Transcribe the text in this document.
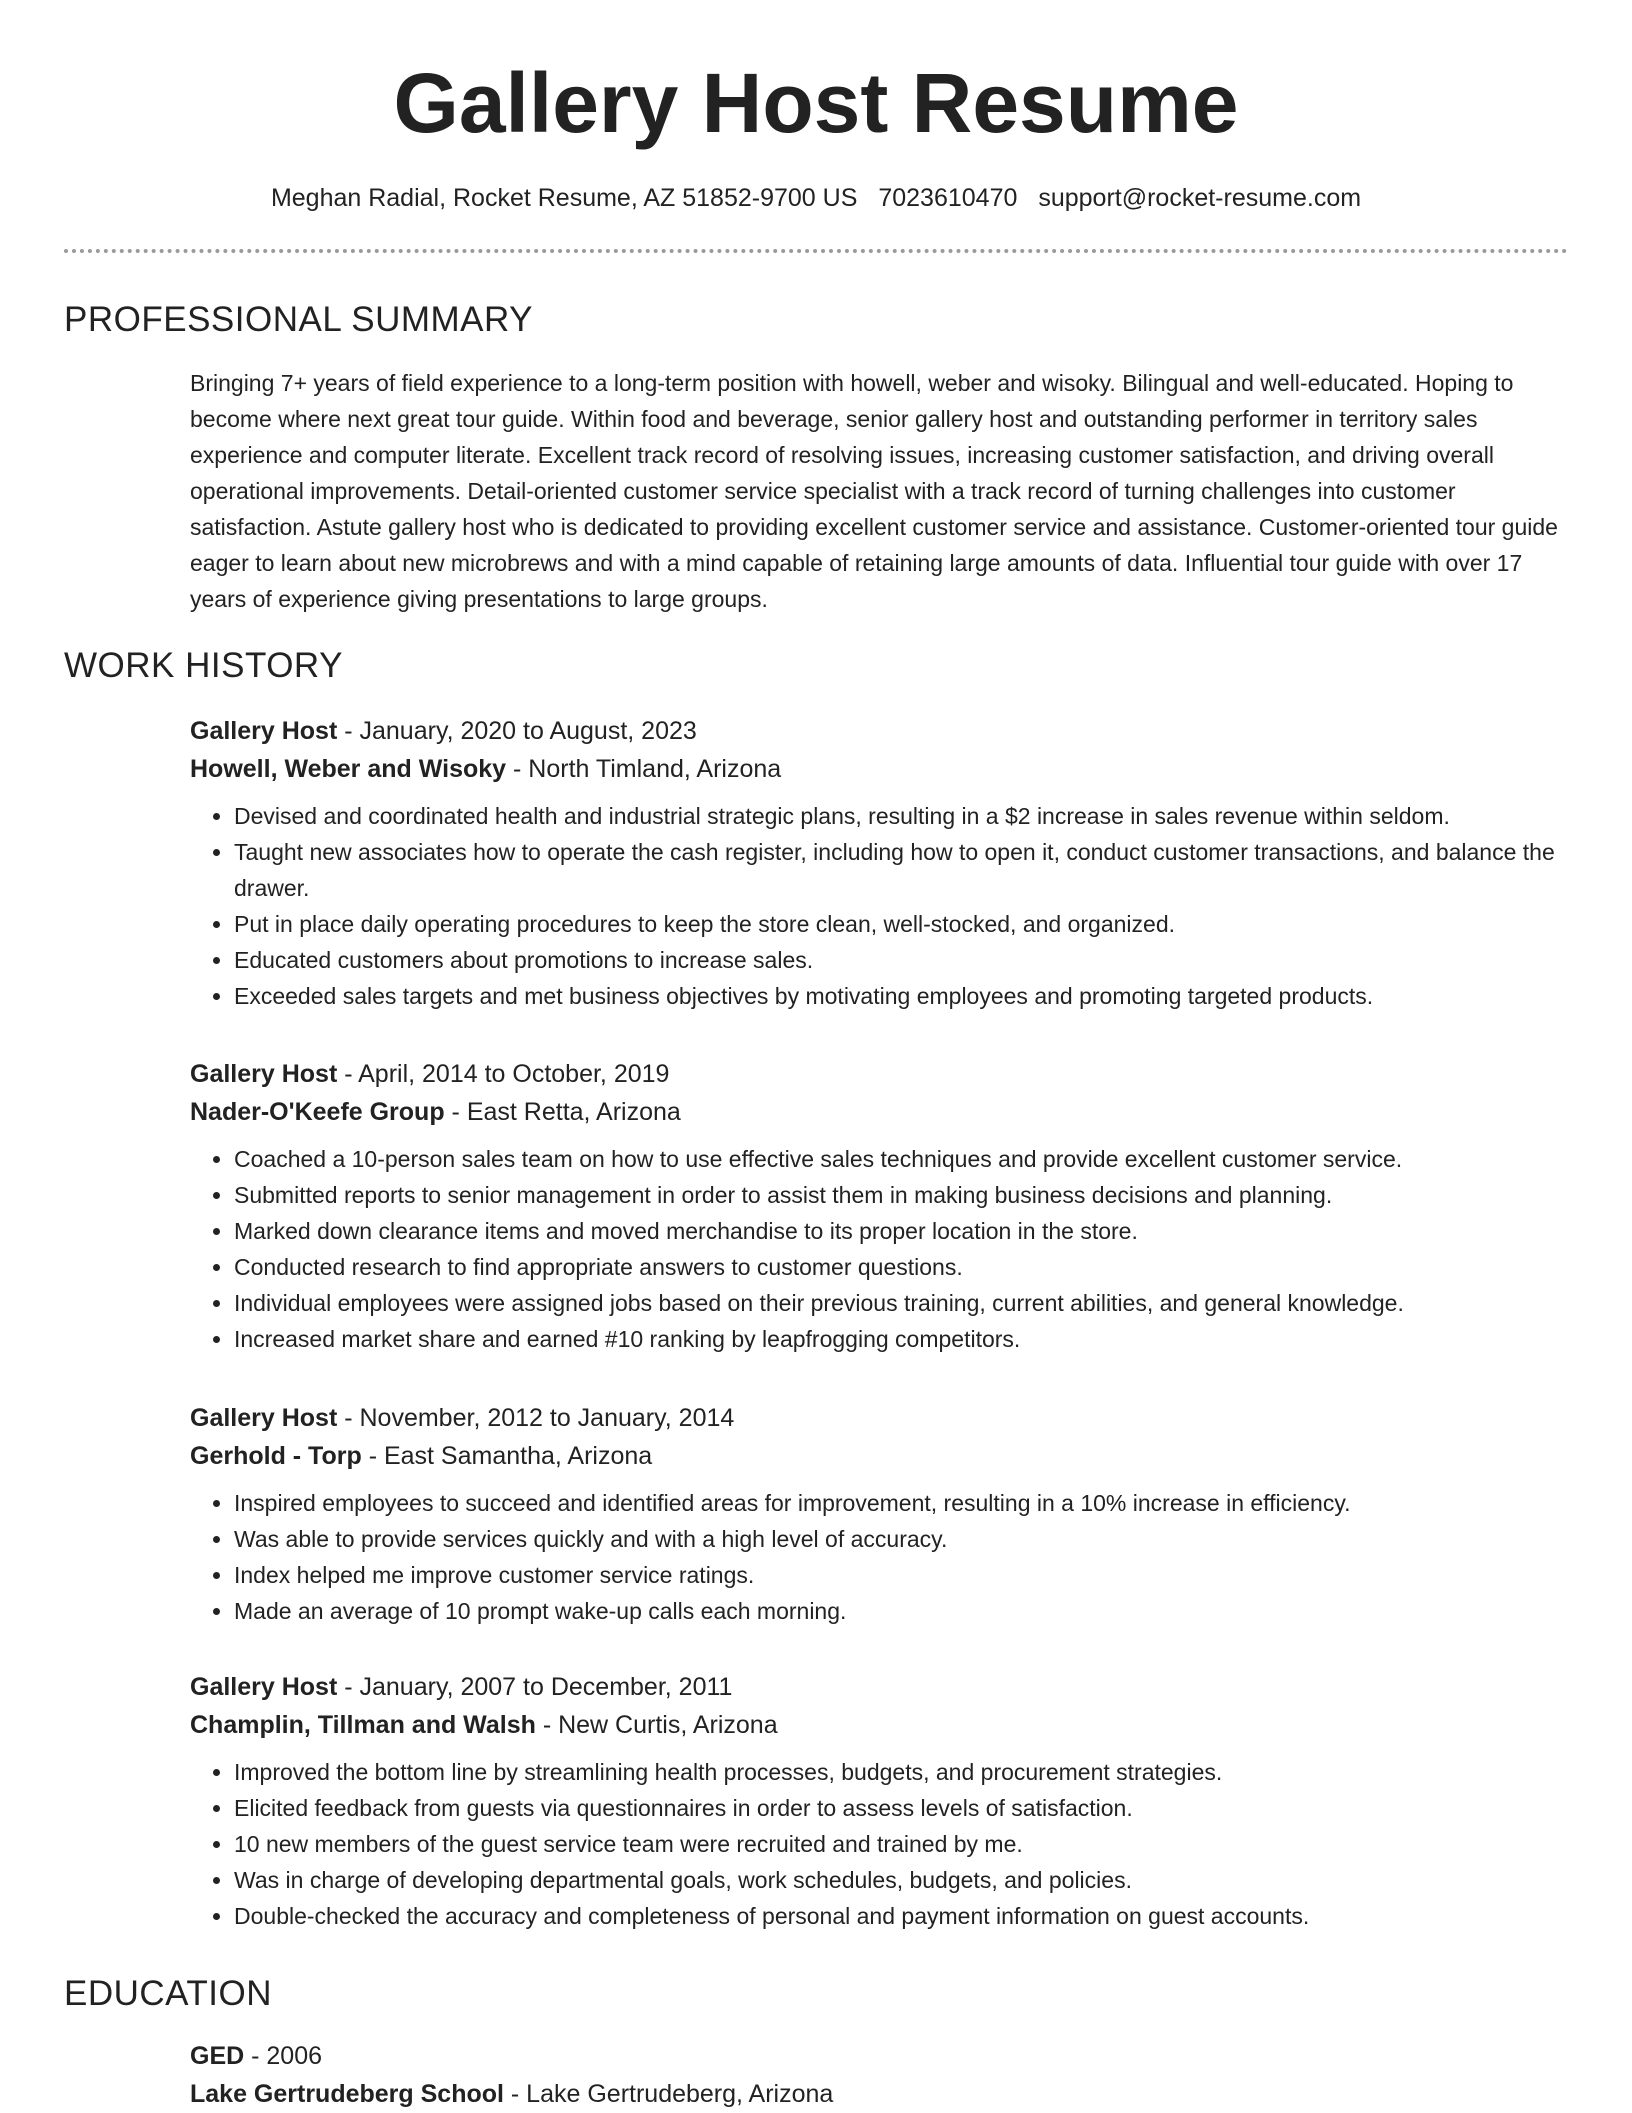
Gallery Host Resume
Meghan Radial, Rocket Resume, AZ 51852-9700 US 7023610470 support@rocket-resume.com
PROFESSIONAL SUMMARY

Bringing 7+ years of field experience to a long-term position with howell, weber and wisoky. Bilingual and well-educated. Hoping to become where next great tour guide. Within food and beverage, senior gallery host and outstanding performer in territory sales experience and computer literate. Excellent track record of resolving issues, increasing customer satisfaction, and driving overall operational improvements. Detail-oriented customer service specialist with a track record of turning challenges into customer satisfaction. Astute gallery host who is dedicated to providing excellent customer service and assistance. Customer-oriented tour guide eager to learn about new microbrews and with a mind capable of retaining large amounts of data. Influential tour guide with over 17 years of experience giving presentations to large groups.

WORK HISTORY
Gallery Host - January, 2020 to August, 2023
Howell, Weber and Wisoky - North Timland, Arizona
• Devised and coordinated health and industrial strategic plans, resulting in a $2 increase in sales revenue within seldom.
• Taught new associates how to operate the cash register, including how to open it, conduct customer transactions, and balance the drawer.
• Put in place daily operating procedures to keep the store clean, well-stocked, and organized.
• Educated customers about promotions to increase sales.
• Exceeded sales targets and met business objectives by motivating employees and promoting targeted products.
Gallery Host - April, 2014 to October, 2019
Nader-O'Keefe Group - East Retta, Arizona
• Coached a 10-person sales team on how to use effective sales techniques and provide excellent customer service.
• Submitted reports to senior management in order to assist them in making business decisions and planning.
• Marked down clearance items and moved merchandise to its proper location in the store.
• Conducted research to find appropriate answers to customer questions.
• Individual employees were assigned jobs based on their previous training, current abilities, and general knowledge.
• Increased market share and earned #10 ranking by leapfrogging competitors.
Gallery Host - November, 2012 to January, 2014
Gerhold - Torp - East Samantha, Arizona
• Inspired employees to succeed and identified areas for improvement, resulting in a 10% increase in efficiency.
• Was able to provide services quickly and with a high level of accuracy.
• Index helped me improve customer service ratings.
• Made an average of 10 prompt wake-up calls each morning.
Gallery Host - January, 2007 to December, 2011
Champlin, Tillman and Walsh - New Curtis, Arizona
• Improved the bottom line by streamlining health processes, budgets, and procurement strategies.
• Elicited feedback from guests via questionnaires in order to assess levels of satisfaction.
• 10 new members of the guest service team were recruited and trained by me.
• Was in charge of developing departmental goals, work schedules, budgets, and policies.
• Double-checked the accuracy and completeness of personal and payment information on guest accounts.
EDUCATION
GED - 2006
Lake Gertrudeberg School - Lake Gertrudeberg, Arizona
